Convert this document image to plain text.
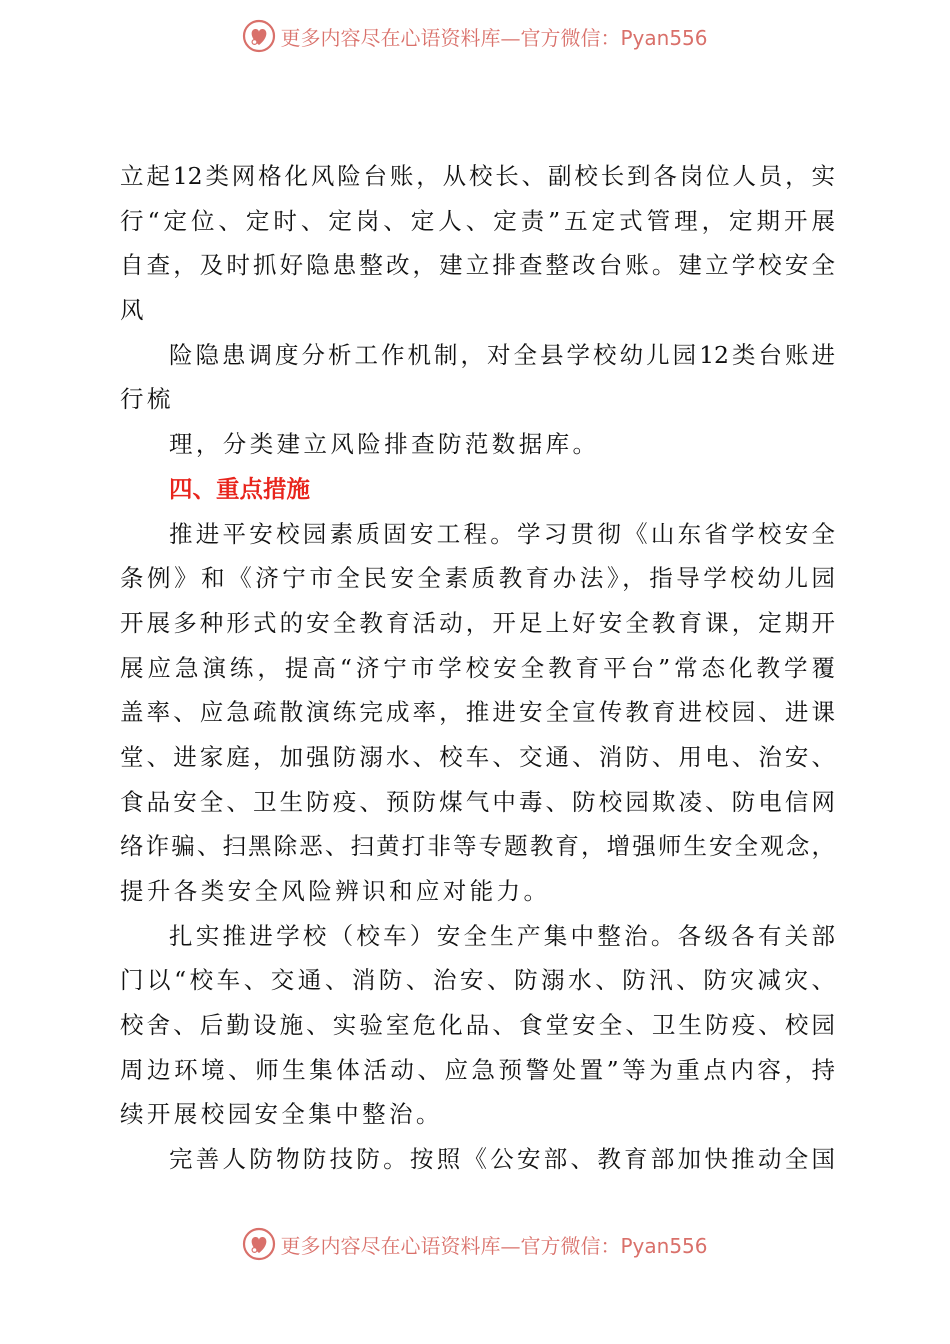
更多内容尽在心语资料库—官方微信：Pyan556
立起12类网格化风险台账，从校长、副校长到各岗位人员，实
行“定位、定时、定岗、定人、定责”五定式管理，定期开展
自查，及时抓好隐患整改，建立排查整改台账。建立学校安全
风
险隐患调度分析工作机制，对全县学校幼儿园12类台账进
行梳
理，分类建立风险排查防范数据库。
四、重点措施
推进平安校园素质固安工程。学习贯彻《山东省学校安全
条例》和《济宁市全民安全素质教育办法》，指导学校幼儿园
开展多种形式的安全教育活动，开足上好安全教育课，定期开
展应急演练，提高“济宁市学校安全教育平台”常态化教学覆
盖率、应急疏散演练完成率，推进安全宣传教育进校园、进课
堂、进家庭，加强防溺水、校车、交通、消防、用电、治安、
食品安全、卫生防疫、预防煤气中毒、防校园欺凌、防电信网
络诈骗、扫黑除恶、扫黄打非等专题教育，增强师生安全观念，
提升各类安全风险辨识和应对能力。
扎实推进学校（校车）安全生产集中整治。各级各有关部
门以“校车、交通、消防、治安、防溺水、防汛、防灾减灾、
校舍、后勤设施、实验室危化品、食堂安全、卫生防疫、校园
周边环境、师生集体活动、应急预警处置”等为重点内容，持
续开展校园安全集中整治。
完善人防物防技防。按照《公安部、教育部加快推动全国
更多内容尽在心语资料库—官方微信：Pyan556
